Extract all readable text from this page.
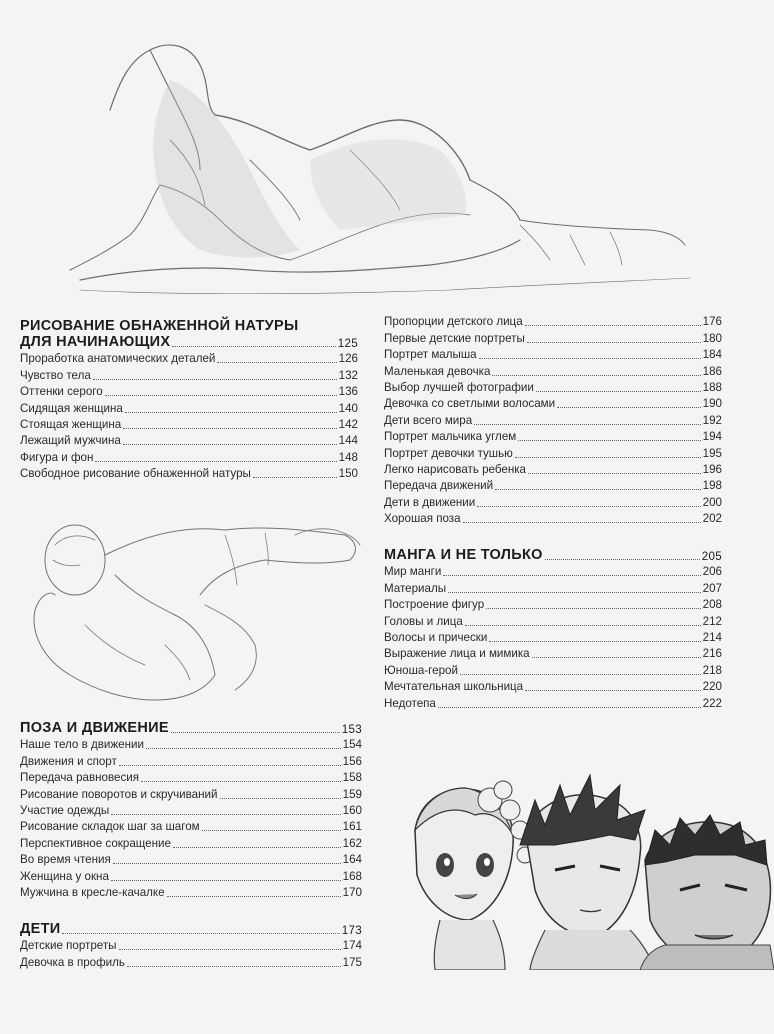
РИСОВАНИЕ ОБНАЖЕННОЙ НАТУРЫ
ДЛЯ НАЧИНАЮЩИХ	125
Проработка анатомических деталей	126
Чувство тела	132
Оттенки серого	136
Сидящая женщина	140
Стоящая женщина	142
Лежащий мужчина	144
Фигура и фон	148
Свободное рисование обнаженной натуры	150
ПОЗА И ДВИЖЕНИЕ	153
Наше тело в движении	154
Движения и спорт	156
Передача равновесия	158
Рисование поворотов и скручиваний	159
Участие одежды	160
Рисование складок шаг за шагом	161
Перспективное сокращение	162
Во время чтения	164
Женщина у окна	168
Мужчина в кресле-качалке	170
ДЕТИ	173
Детские портреты	174
Девочка в профиль	175
Пропорции детского лица	176
Первые детские портреты	180
Портрет малыша	184
Маленькая девочка	186
Выбор лучшей фотографии	188
Девочка со светлыми волосами	190
Дети всего мира	192
Портрет мальчика углем	194
Портрет девочки тушью	195
Легко нарисовать ребенка	196
Передача движений	198
Дети в движении	200
Хорошая поза	202
МАНГА И НЕ ТОЛЬКО	205
Мир манги	206
Материалы	207
Построение фигур	208
Головы и лица	212
Волосы и прически	214
Выражение лица и мимика	216
Юноша-герой	218
Мечтательная школьница	220
Недотепа	222
